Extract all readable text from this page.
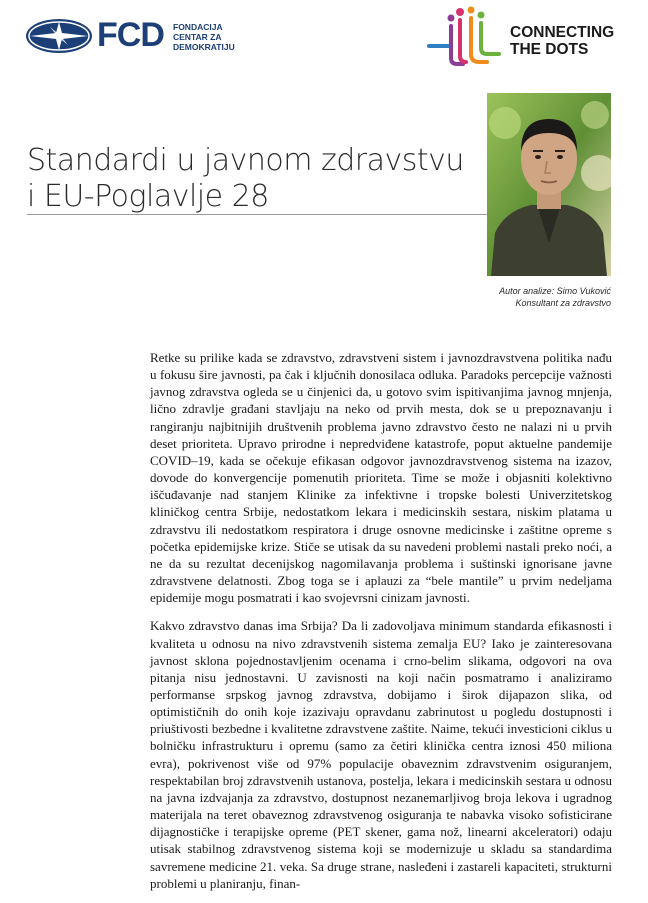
FCD FONDACIJA
CENTAR ZA
DEMOKRATIJU
CONNECTING
THE DOTS
Standardi u javnom zdravstvu
i EU-Poglavlje 28
Autor analize: Simo Vuković
Konsultant za zdravstvo

Retke su prilike kada se zdravstvo, zdravstveni sistem i javnozdravstvena politika nađu u fokusu šire javnosti, pa čak i ključnih donosilaca odluka. Paradoks percepcije važnosti javnog zdravstva ogleda se u činjenici da, u gotovo svim ispitivanjima javnog mnjenja, lično zdravlje građani stavljaju na neko od prvih mesta, dok se u prepoznavanju i rangiranju najbitnijih društvenih problema javno zdravstvo često ne nalazi ni u prvih deset prioriteta. Upravo prirodne i nepredviđene katastrofe, poput aktuelne pandemije COVID–19, kada se očekuje efikasan odgovor javnozdravstvenog sistema na izazov, dovode do konvergencije pomenutih prioriteta. Time se može i objasniti kolektivno iščuđavanje nad stanjem Klinike za infektivne i tropske bolesti Univerzitetskog kliničkog centra Srbije, nedostatkom lekara i medicinskih sestara, niskim platama u zdravstvu ili nedostatkom respiratora i druge osnovne medicinske i zaštitne opreme s početka epidemijske krize. Stiče se utisak da su navedeni problemi nastali preko noći, a ne da su rezultat decenijskog nagomilavanja problema i suštinski ignorisane javne zdravstvene delatnosti. Zbog toga se i aplauzi za “bele mantile” u prvim nedeljama epidemije mogu posmatrati i kao svojevrsni cinizam javnosti.

Kakvo zdravstvo danas ima Srbija? Da li zadovoljava minimum standarda efikasnosti i kvaliteta u odnosu na nivo zdravstvenih sistema zemalja EU? Iako je zainteresovana javnost sklona pojednostavljenim ocenama i crno-belim slikama, odgovori na ova pitanja nisu jednostavni. U zavisnosti na koji način posmatramo i analiziramo performanse srpskog javnog zdravstva, dobijamo i širok dijapazon slika, od optimističnih do onih koje izazivaju opravdanu zabrinutost u pogledu dostupnosti i priuštivosti bezbedne i kvalitetne zdravstvene zaštite. Naime, tekući investicioni ciklus u bolničku infrastrukturu i opremu (samo za četiri klinička centra iznosi 450 miliona evra), pokrivenost više od 97% populacije obaveznim zdravstvenim osiguranjem, respektabilan broj zdravstvenih ustanova, postelja, lekara i medicinskih sestara u odnosu na javna izdvajanja za zdravstvo, dostupnost nezanemarljivog broja lekova i ugradnog materijala na teret obaveznog zdravstvenog osiguranja te nabavka visoko sofisticirane dijagnostičke i terapijske opreme (PET skener, gama nož, linearni akceleratori) odaju utisak stabilnog zdravstvenog sistema koji se modernizuje u skladu sa standardima savremene medicine 21. veka. Sa druge strane, nasleđeni i zastareli kapaciteti, strukturni problemi u planiranju, finan-
